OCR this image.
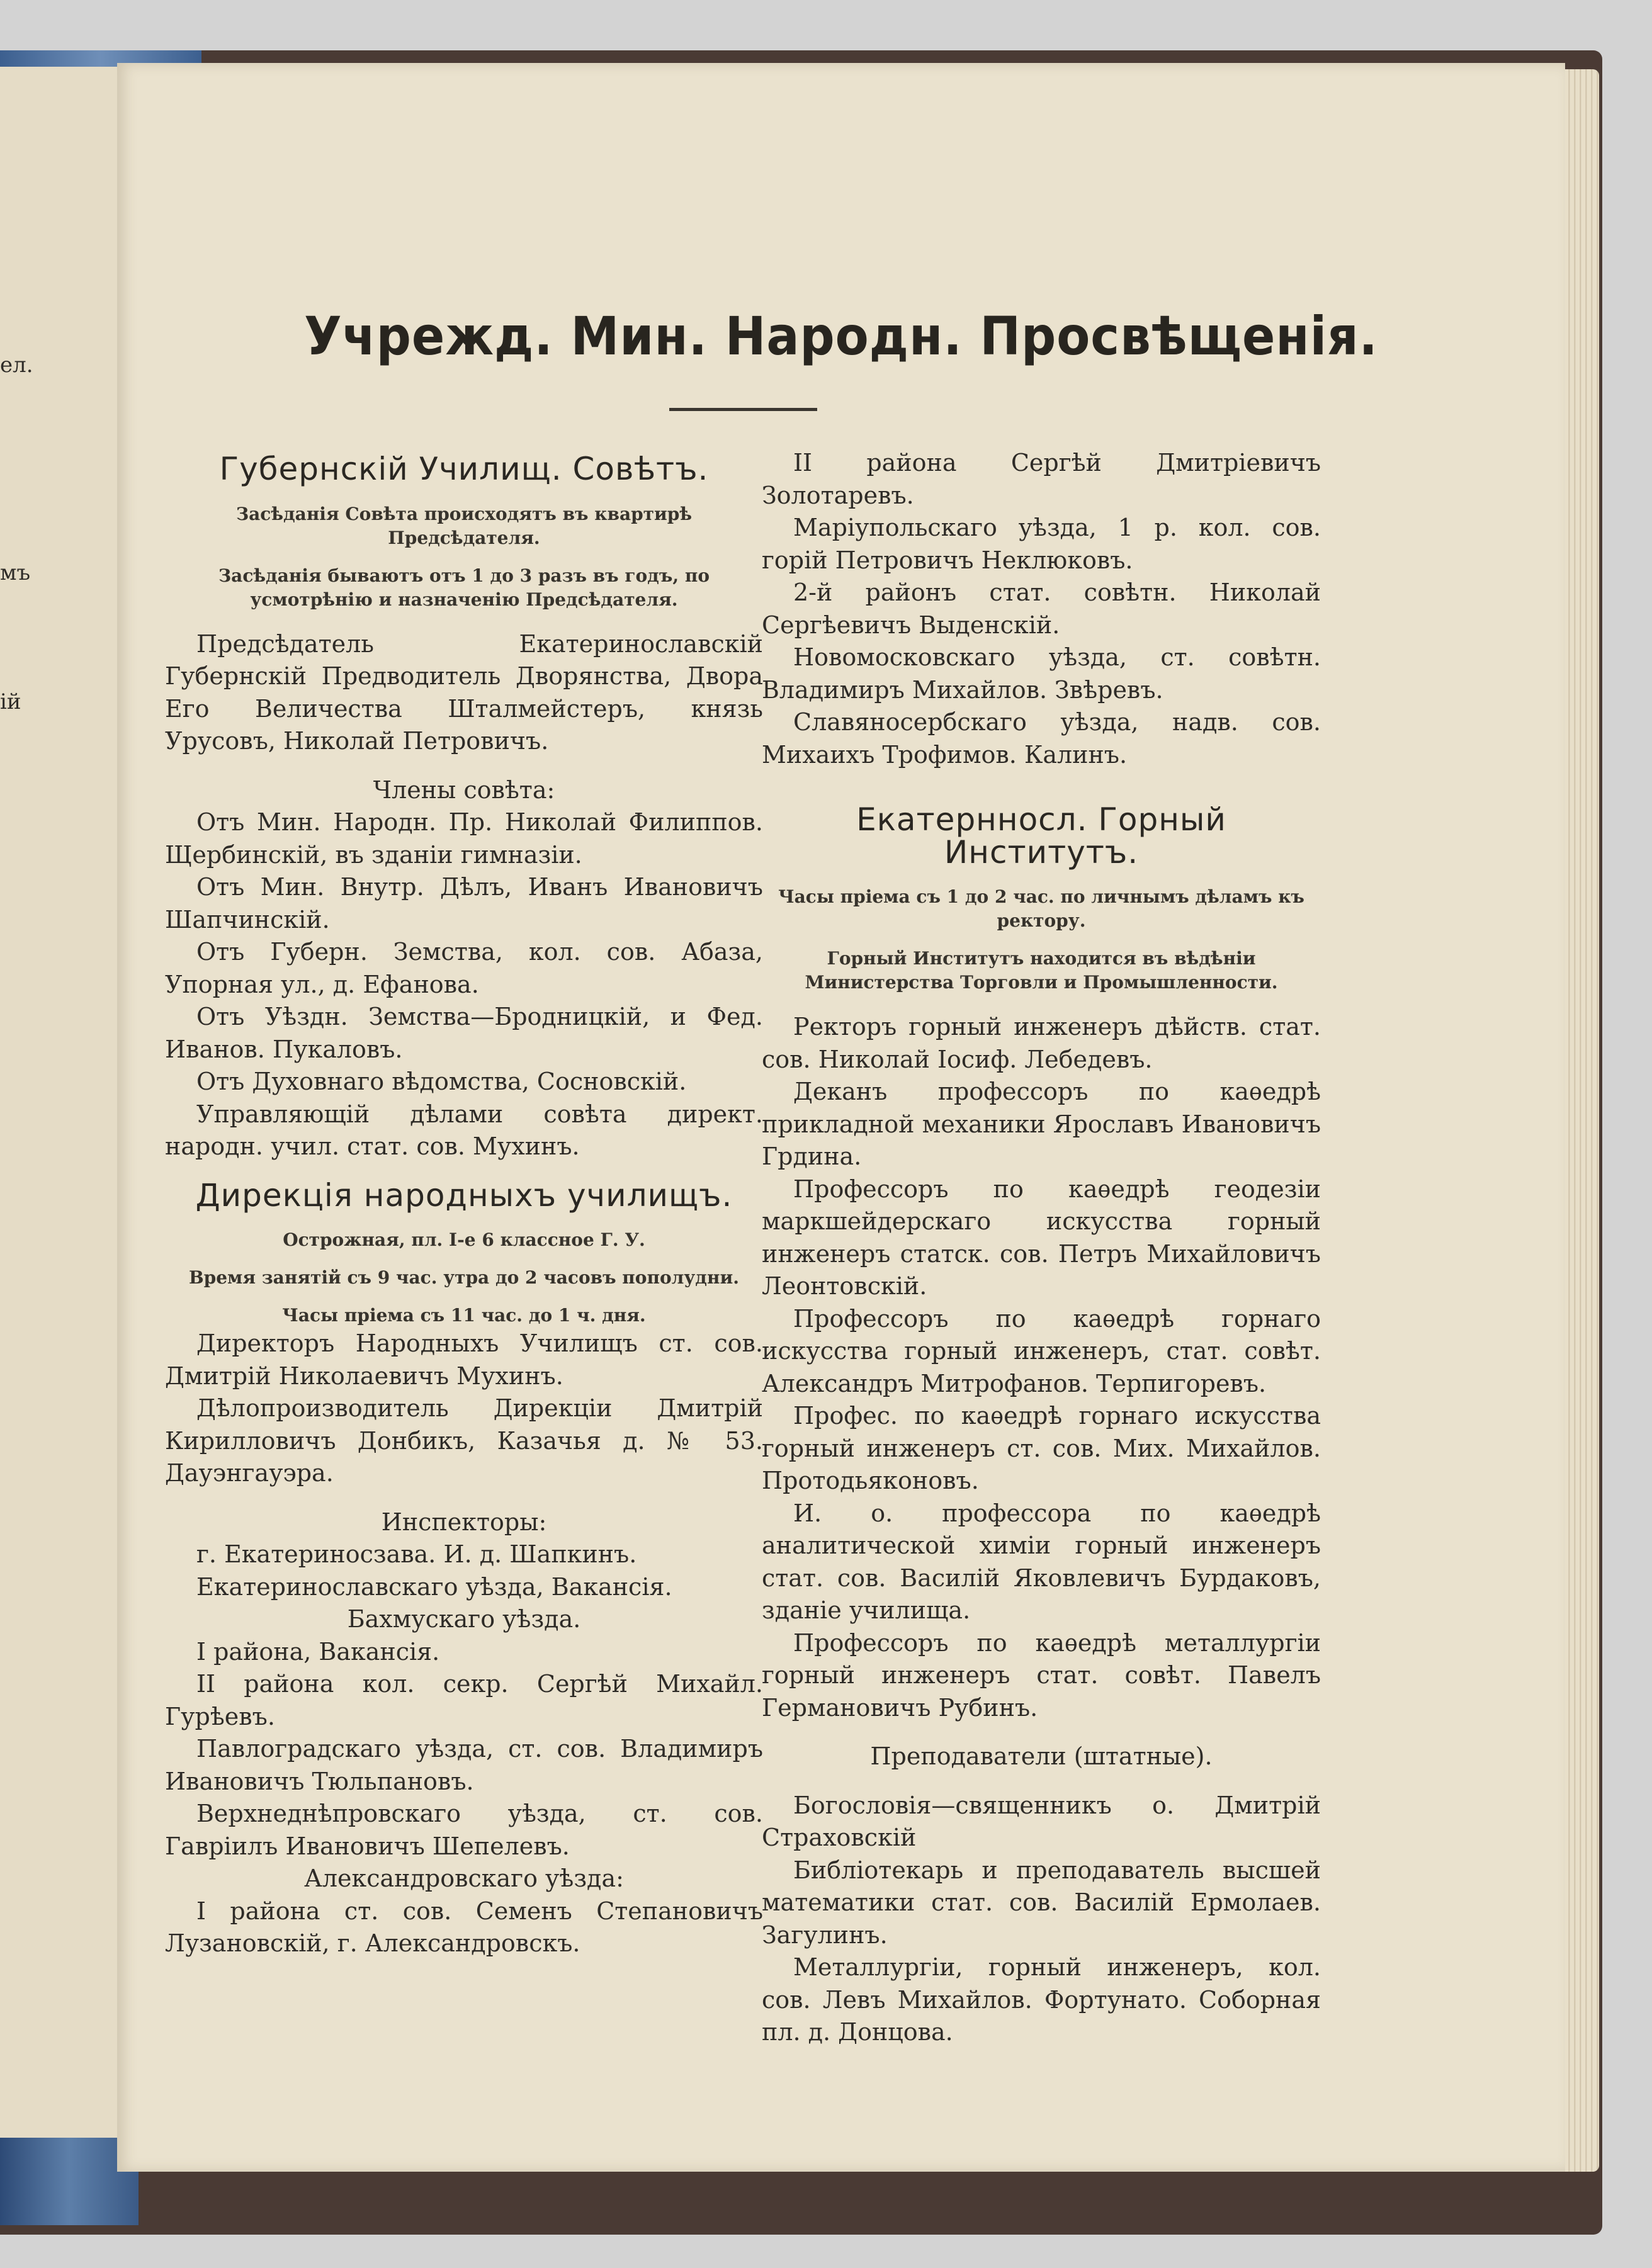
ел.
мъ
ій
Учрежд. Мин. Народн. Просвѣщенія.

Губернскій Училищ. Совѣтъ.

Засѣданія Совѣта происходятъ въ квартирѣ Предсѣдателя.

Засѣданія бываютъ отъ 1 до 3 разъ въ годъ, по усмотрѣнію и назначенію Предсѣдателя.

Предсѣдатель Екатеринославскій Губернскій Предводитель Дворянства, Двора Его Величества Шталмейстеръ, князь Урусовъ, Николай Петровичъ.

Члены совѣта:

Отъ Мин. Народн. Пр. Николай Филиппов. Щербинскій, въ зданіи гимназіи.

Отъ Мин. Внутр. Дѣлъ, Иванъ Ивановичъ Шапчинскій.

Отъ Губерн. Земства, кол. сов. Абаза, Упорная ул., д. Ефанова.

Отъ Уѣздн. Земства—Бродницкій, и Фед. Иванов. Пукаловъ.

Отъ Духовнаго вѣдомства, Сосновскій.

Управляющій дѣлами совѣта директ. народн. учил. стат. сов. Мухинъ.

Дирекція народныхъ училищъ.

Острожная, пл. I-е 6 классное Г. У.

Время занятій съ 9 час. утра до 2 часовъ пополудни.

Часы пріема съ 11 час. до 1 ч. дня.

Директоръ Народныхъ Училищъ ст. сов. Дмитрій Николаевичъ Мухинъ.

Дѣлопроизводитель Дирекціи Дмитрій Кирилловичъ Донбикъ, Казачья д. № 53. Дауэнгауэра.

Инспекторы:

г. Екатериносзава. И. д. Шапкинъ.

Екатеринославскаго уѣзда, Вакансія.

Бахмускаго уѣзда.

I района, Вакансія.

II района кол. секр. Сергѣй Михайл. Гурѣевъ.

Павлоградскаго уѣзда, ст. сов. Владимиръ Ивановичъ Тюльпановъ.

Верхнеднѣпровскаго уѣзда, ст. сов. Гавріилъ Ивановичъ Шепелевъ.

Александровскаго уѣзда:

I района ст. сов. Семенъ Степановичъ Лузановскій, г. Александровскъ.

II района Сергѣй Дмитріевичъ Золотаревъ.

Маріупольскаго уѣзда, 1 р. кол. сов. горій Петровичъ Неклюковъ.

2-й районъ стат. совѣтн. Николай Сергѣевичъ Выденскій.

Новомосковскаго уѣзда, ст. совѣтн. Владимиръ Михайлов. Звѣревъ.

Славяносербскаго уѣзда, надв. сов. Михаихъ Трофимов. Калинъ.

Екатернносл. Горный Институтъ.

Часы пріема съ 1 до 2 час. по личнымъ дѣламъ къ ректору.

Горный Институтъ находится въ вѣдѣніи Министерства Торговли и Промышленности.

Ректоръ горный инженеръ дѣйств. стат. сов. Николай Іосиф. Лебедевъ.

Деканъ профессоръ по каѳедрѣ прикладной механики Ярославъ Ивановичъ Грдина.

Профессоръ по каѳедрѣ геодезіи маркшейдерскаго искусства горный инженеръ статск. сов. Петръ Михайловичъ Леонтовскій.

Профессоръ по каѳедрѣ горнаго искусства горный инженеръ, стат. совѣт. Александръ Митрофанов. Терпигоревъ.

Профес. по каѳедрѣ горнаго искусства горный инженеръ ст. сов. Мих. Михайлов. Протодьяконовъ.

И. о. профессора по каѳедрѣ аналитической химіи горный инженеръ стат. сов. Василій Яковлевичъ Бурдаковъ, зданіе училища.

Профессоръ по каѳедрѣ металлургіи горный инженеръ стат. совѣт. Павелъ Германовичъ Рубинъ.

Преподаватели (штатные).

Богословія—священникъ о. Дмитрій Страховскій

Библіотекарь и преподаватель высшей математики стат. сов. Василій Ермолаев. Загулинъ.

Металлургіи, горный инженеръ, кол. сов. Левъ Михайлов. Фортунато. Соборная пл. д. Донцова.
